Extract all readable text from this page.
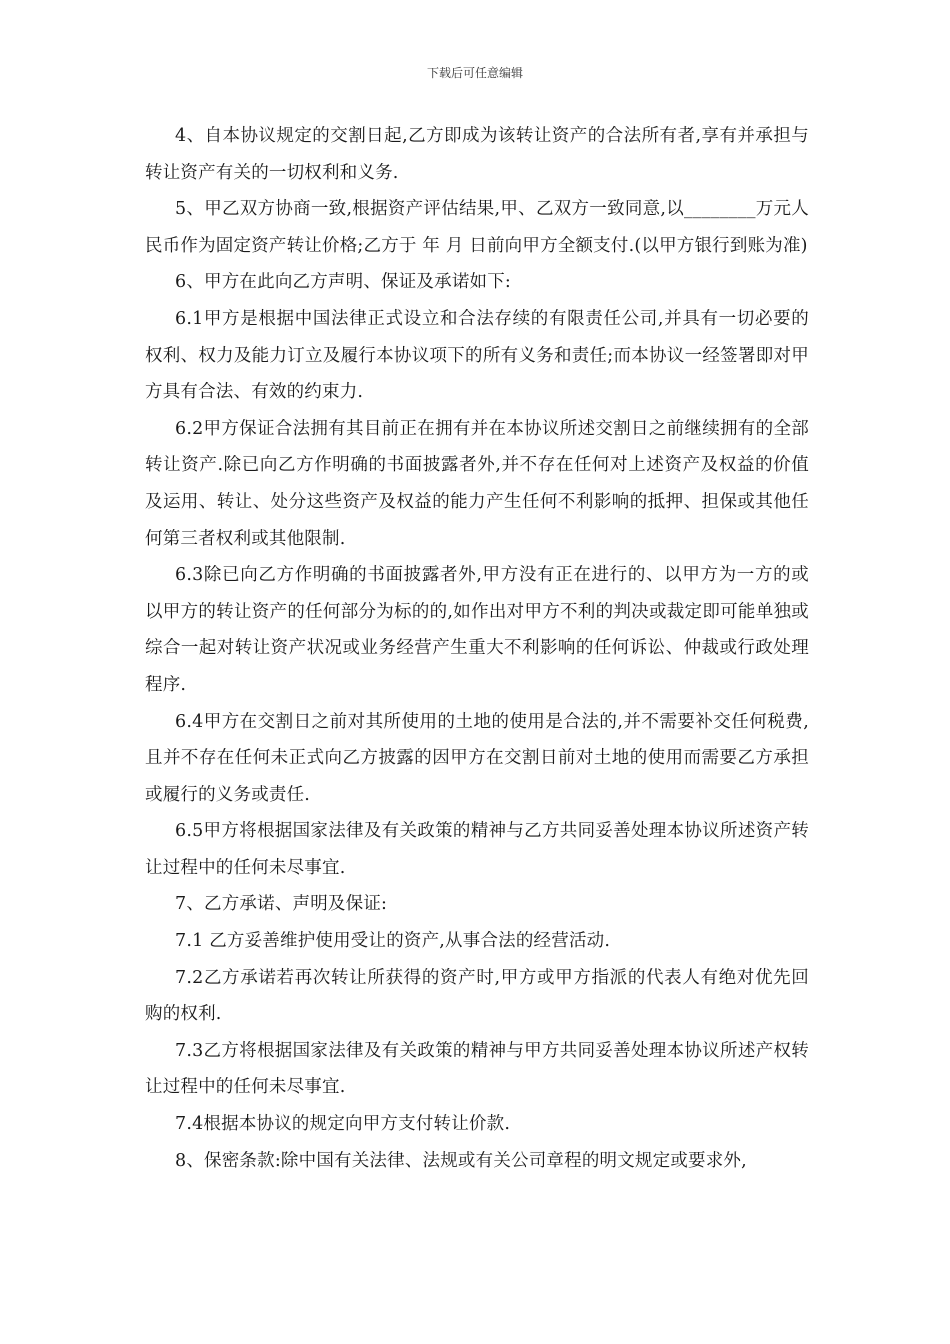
下载后可任意编辑

4、自本协议规定的交割日起,乙方即成为该转让资产的合法所有者,享有并承担与转让资产有关的一切权利和义务.

5、甲乙双方协商一致,根据资产评估结果,甲、乙双方一致同意,以________万元人民币作为固定资产转让价格;乙方于 年 月 日前向甲方全额支付.(以甲方银行到账为准)

6、甲方在此向乙方声明、保证及承诺如下:

6.1甲方是根据中国法律正式设立和合法存续的有限责任公司,并具有一切必要的权利、权力及能力订立及履行本协议项下的所有义务和责任;而本协议一经签署即对甲方具有合法、有效的约束力.

6.2甲方保证合法拥有其目前正在拥有并在本协议所述交割日之前继续拥有的全部转让资产.除已向乙方作明确的书面披露者外,并不存在任何对上述资产及权益的价值及运用、转让、处分这些资产及权益的能力产生任何不利影响的抵押、担保或其他任何第三者权利或其他限制.

6.3除已向乙方作明确的书面披露者外,甲方没有正在进行的、以甲方为一方的或以甲方的转让资产的任何部分为标的的,如作出对甲方不利的判决或裁定即可能单独或综合一起对转让资产状况或业务经营产生重大不利影响的任何诉讼、仲裁或行政处理程序.

6.4甲方在交割日之前对其所使用的土地的使用是合法的,并不需要补交任何税费,且并不存在任何未正式向乙方披露的因甲方在交割日前对土地的使用而需要乙方承担或履行的义务或责任.

6.5甲方将根据国家法律及有关政策的精神与乙方共同妥善处理本协议所述资产转让过程中的任何未尽事宜.

7、乙方承诺、声明及保证:

7.1 乙方妥善维护使用受让的资产,从事合法的经营活动.

7.2乙方承诺若再次转让所获得的资产时,甲方或甲方指派的代表人有绝对优先回购的权利.

7.3乙方将根据国家法律及有关政策的精神与甲方共同妥善处理本协议所述产权转让过程中的任何未尽事宜.

7.4根据本协议的规定向甲方支付转让价款.

8、保密条款:除中国有关法律、法规或有关公司章程的明文规定或要求外,
